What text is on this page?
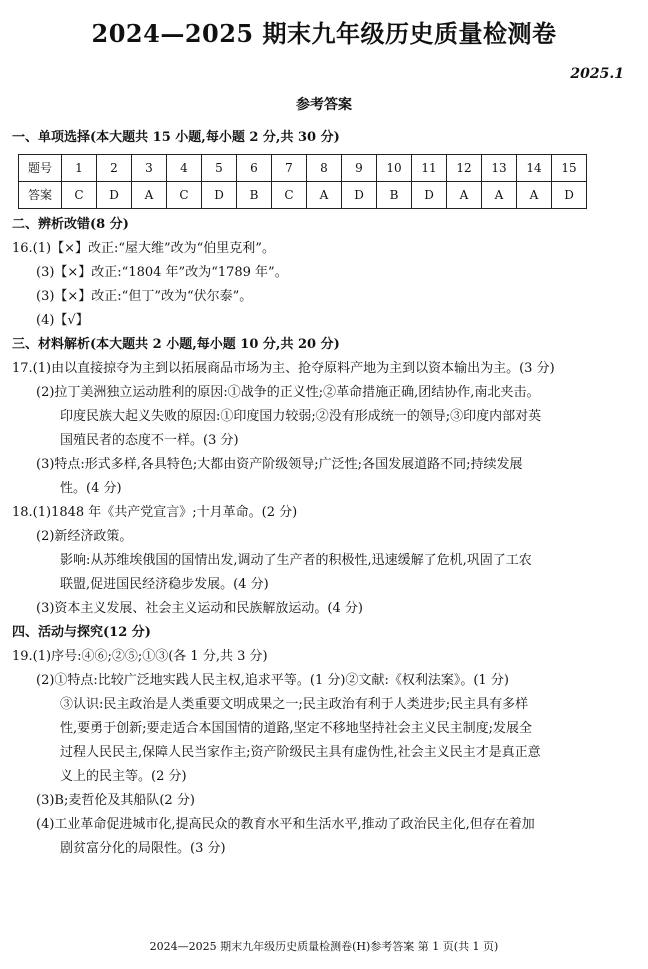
2024—2025 期末九年级历史质量检测卷
2025.1
参考答案
一、单项选择(本大题共 15 小题,每小题 2 分,共 30 分)
题号	1	2	3	4	5	6	7	8	9	10	11	12	13	14	15
答案	C	D	A	C	D	B	C	A	D	B	D	A	A	A	D
二、辨析改错(8 分)
16.(1)【×】改正:“屋大维”改为“伯里克利”。
(3)【×】改正:“1804 年”改为“1789 年”。
(3)【×】改正:“但丁”改为“伏尔泰”。
(4)【√】
三、材料解析(本大题共 2 小题,每小题 10 分,共 20 分)
17.(1)由以直接掠夺为主到以拓展商品市场为主、抢夺原料产地为主到以资本输出为主。(3 分)
(2)拉丁美洲独立运动胜利的原因:①战争的正义性;②革命措施正确,团结协作,南北夹击。
印度民族大起义失败的原因:①印度国力较弱;②没有形成统一的领导;③印度内部对英
国殖民者的态度不一样。(3 分)
(3)特点:形式多样,各具特色;大都由资产阶级领导;广泛性;各国发展道路不同;持续发展
性。(4 分)
18.(1)1848 年《共产党宣言》;十月革命。(2 分)
(2)新经济政策。
影响:从苏维埃俄国的国情出发,调动了生产者的积极性,迅速缓解了危机,巩固了工农
联盟,促进国民经济稳步发展。(4 分)
(3)资本主义发展、社会主义运动和民族解放运动。(4 分)
四、活动与探究(12 分)
19.(1)序号:④⑥;②⑤;①③(各 1 分,共 3 分)
(2)①特点:比较广泛地实践人民主权,追求平等。(1 分)②文献:《权利法案》。(1 分)
③认识:民主政治是人类重要文明成果之一;民主政治有利于人类进步;民主具有多样
性,要勇于创新;要走适合本国国情的道路,坚定不移地坚持社会主义民主制度;发展全
过程人民民主,保障人民当家作主;资产阶级民主具有虚伪性,社会主义民主才是真正意
义上的民主等。(2 分)
(3)B;麦哲伦及其船队(2 分)
(4)工业革命促进城市化,提高民众的教育水平和生活水平,推动了政治民主化,但存在着加
剧贫富分化的局限性。(3 分)
2024—2025 期末九年级历史质量检测卷(H)参考答案 第 1 页(共 1 页)
